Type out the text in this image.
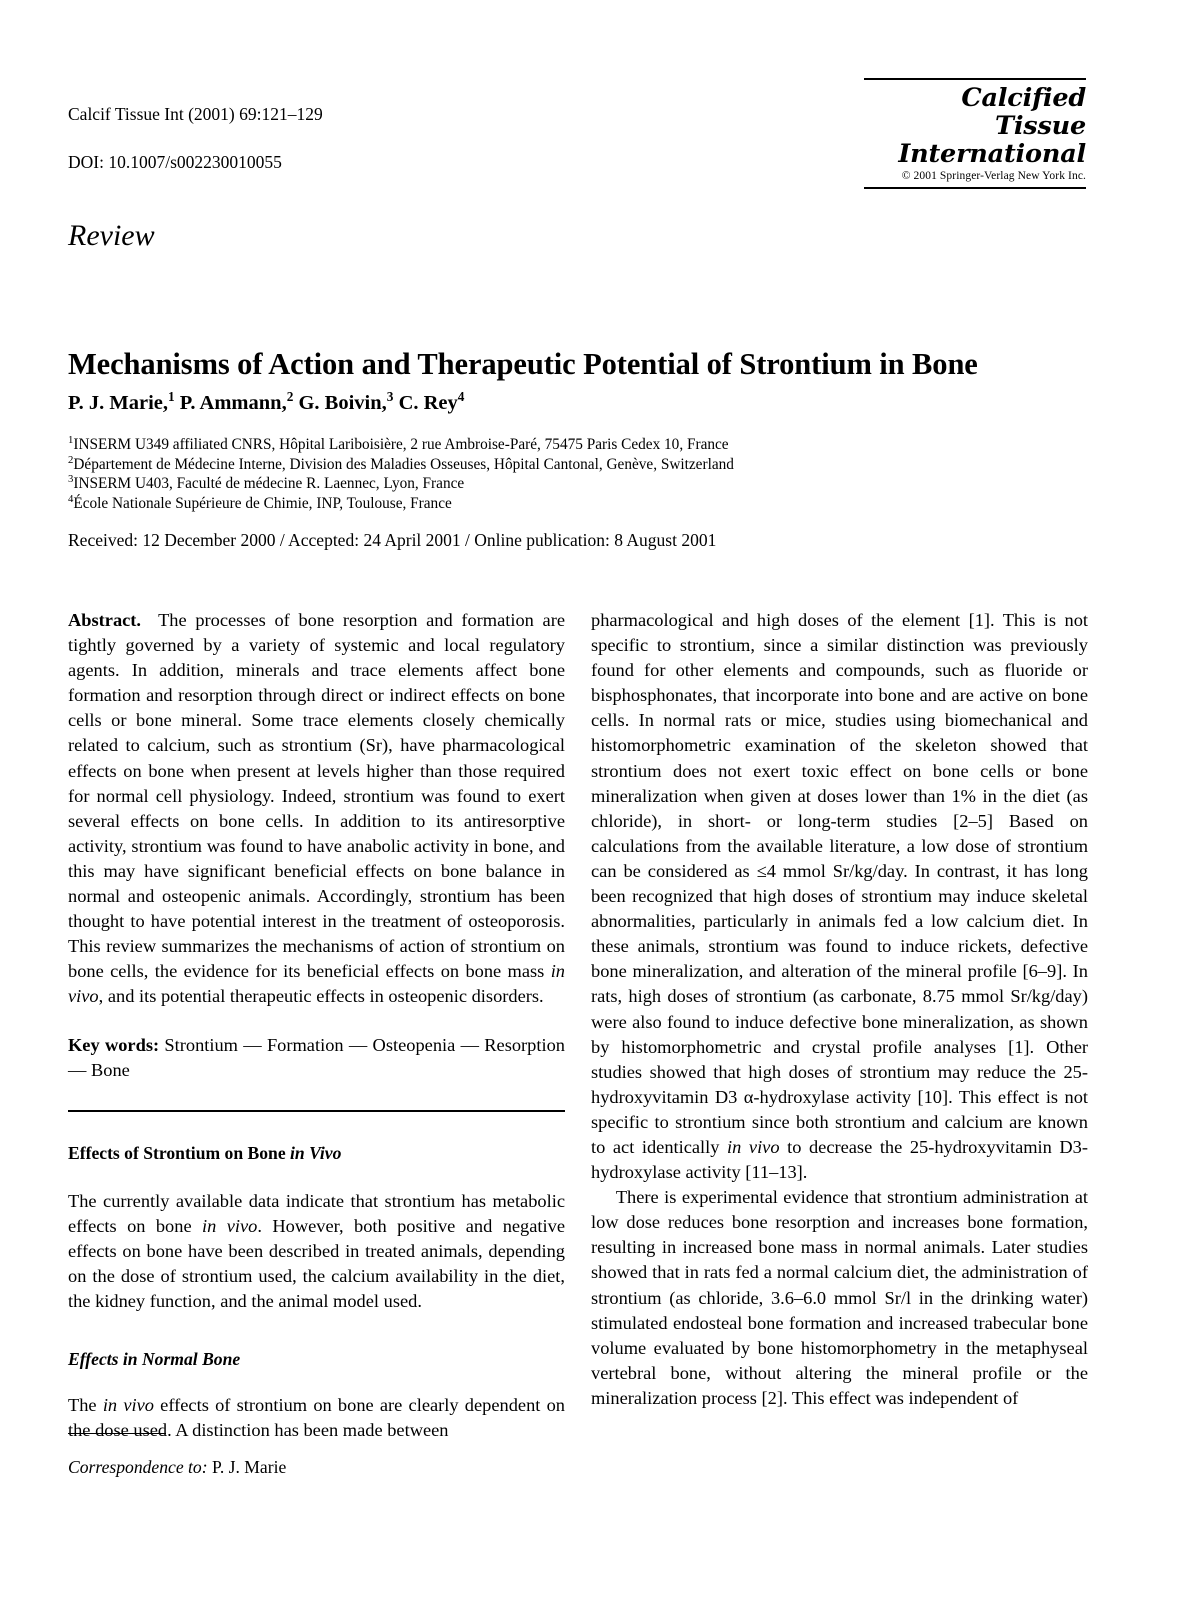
Calcif Tissue Int (2001) 69:121–129

DOI: 10.1007/s002230010055

Calcified Tissue
International
© 2001 Springer-Verlag New York Inc.
Review
Mechanisms of Action and Therapeutic Potential of Strontium in Bone
P. J. Marie,$^1$ P. Ammann,$^2$ G. Boivin,$^3$ C. Rey$^4$
$^1$INSERM U349 affiliated CNRS, Hôpital Lariboisière, 2 rue Ambroise-Paré, 75475 Paris Cedex 10, France
$^2$Département de Médecine Interne, Division des Maladies Osseuses, Hôpital Cantonal, Genève, Switzerland
$^3$INSERM U403, Faculté de médecine R. Laennec, Lyon, France
$^4$École Nationale Supérieure de Chimie, INP, Toulouse, France
Received: 12 December 2000 / Accepted: 24 April 2001 / Online publication: 8 August 2001

Abstract. The processes of bone resorption and formation are tightly governed by a variety of systemic and local regulatory agents. In addition, minerals and trace elements affect bone formation and resorption through direct or indirect effects on bone cells or bone mineral. Some trace elements closely chemically related to calcium, such as strontium (Sr), have pharmacological effects on bone when present at levels higher than those required for normal cell physiology. Indeed, strontium was found to exert several effects on bone cells. In addition to its antiresorptive activity, strontium was found to have anabolic activity in bone, and this may have significant beneficial effects on bone balance in normal and osteopenic animals. Accordingly, strontium has been thought to have potential interest in the treatment of osteoporosis. This review summarizes the mechanisms of action of strontium on bone cells, the evidence for its beneficial effects on bone mass in vivo, and its potential therapeutic effects in osteopenic disorders.

Key words: Strontium — Formation — Osteopenia — Resorption — Bone

Effects of Strontium on Bone in Vivo

The currently available data indicate that strontium has metabolic effects on bone in vivo. However, both positive and negative effects on bone have been described in treated animals, depending on the dose of strontium used, the calcium availability in the diet, the kidney function, and the animal model used.

Effects in Normal Bone

The in vivo effects of strontium on bone are clearly dependent on the dose used. A distinction has been made between

pharmacological and high doses of the element [1]. This is not specific to strontium, since a similar distinction was previously found for other elements and compounds, such as fluoride or bisphosphonates, that incorporate into bone and are active on bone cells. In normal rats or mice, studies using biomechanical and histomorphometric examination of the skeleton showed that strontium does not exert toxic effect on bone cells or bone mineralization when given at doses lower than 1% in the diet (as chloride), in short- or long-term studies [2–5] Based on calculations from the available literature, a low dose of strontium can be considered as ≤4 mmol Sr/kg/day. In contrast, it has long been recognized that high doses of strontium may induce skeletal abnormalities, particularly in animals fed a low calcium diet. In these animals, strontium was found to induce rickets, defective bone mineralization, and alteration of the mineral profile [6–9]. In rats, high doses of strontium (as carbonate, 8.75 mmol Sr/kg/day) were also found to induce defective bone mineralization, as shown by histomorphometric and crystal profile analyses [1]. Other studies showed that high doses of strontium may reduce the 25-hydroxyvitamin D3 α-hydroxylase activity [10]. This effect is not specific to strontium since both strontium and calcium are known to act identically in vivo to decrease the 25-hydroxyvitamin D3-hydroxylase activity [11–13].

There is experimental evidence that strontium administration at low dose reduces bone resorption and increases bone formation, resulting in increased bone mass in normal animals. Later studies showed that in rats fed a normal calcium diet, the administration of strontium (as chloride, 3.6–6.0 mmol Sr/l in the drinking water) stimulated endosteal bone formation and increased trabecular bone volume evaluated by bone histomorphometry in the metaphyseal vertebral bone, without altering the mineral profile or the mineralization process [2]. This effect was independent of

Correspondence to: P. J. Marie
